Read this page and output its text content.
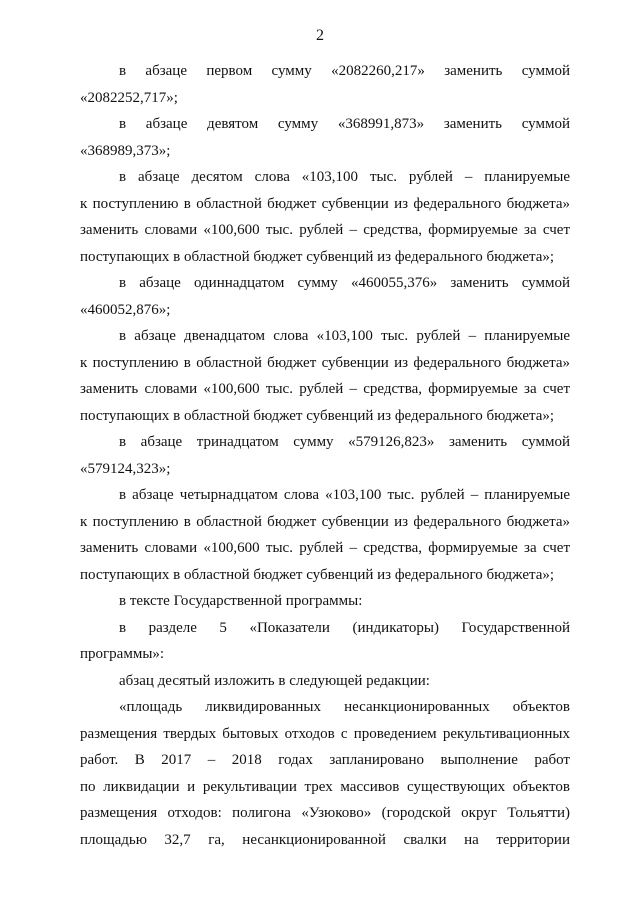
2

в абзаце первом сумму «2082260,217» заменить суммой

«2082252,717»;

в абзаце девятом сумму «368991,873» заменить суммой

«368989,373»;

в абзаце десятом слова «103,100 тыс. рублей – планируемые

к поступлению в областной бюджет субвенции из федерального бюджета»

заменить словами «100,600 тыс. рублей – средства, формируемые за счет

поступающих в областной бюджет субвенций из федерального бюджета»;

в абзаце одиннадцатом сумму «460055,376» заменить суммой

«460052,876»;

в абзаце двенадцатом слова «103,100 тыс. рублей – планируемые

к поступлению в областной бюджет субвенции из федерального бюджета»

заменить словами «100,600 тыс. рублей – средства, формируемые за счет

поступающих в областной бюджет субвенций из федерального бюджета»;

в абзаце тринадцатом сумму «579126,823» заменить суммой

«579124,323»;

в абзаце четырнадцатом слова «103,100 тыс. рублей – планируемые

к поступлению в областной бюджет субвенции из федерального бюджета»

заменить словами «100,600 тыс. рублей – средства, формируемые за счет

поступающих в областной бюджет субвенций из федерального бюджета»;

в тексте Государственной программы:

в разделе 5 «Показатели (индикаторы) Государственной

программы»:

абзац десятый изложить в следующей редакции:

«площадь ликвидированных несанкционированных объектов

размещения твердых бытовых отходов с проведением рекультивационных

работ. В 2017 – 2018 годах запланировано выполнение работ

по ликвидации и рекультивации трех массивов существующих объектов

размещения отходов: полигона «Узюково» (городской округ Тольятти)

площадью 32,7 га, несанкционированной свалки на территории
